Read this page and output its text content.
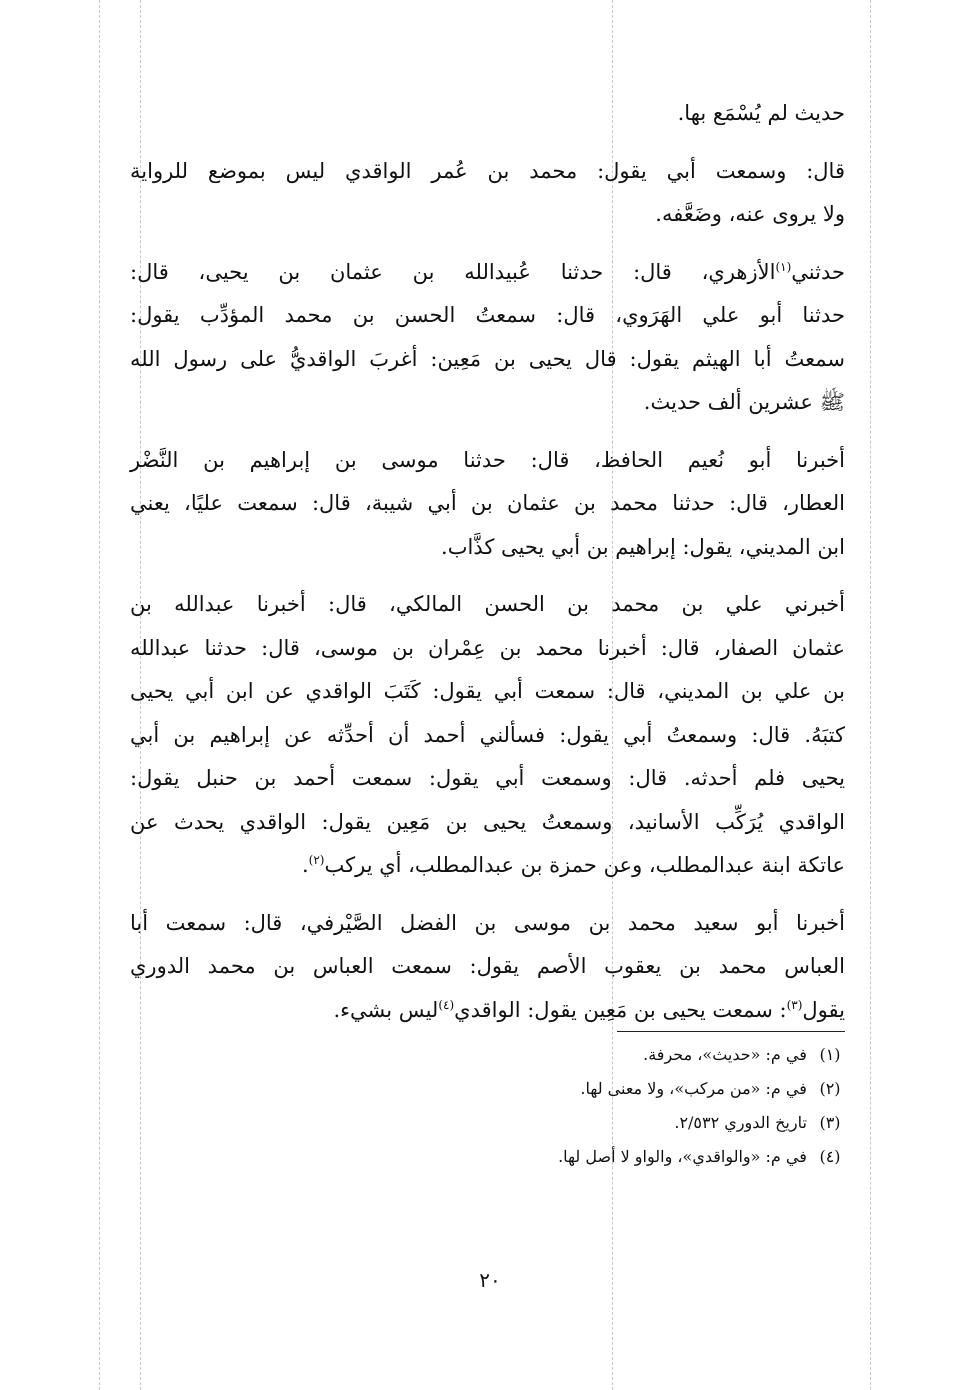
حديث لم يُسْمَع بها.
قال: وسمعت أبي يقول: محمد بن عُمر الواقدي ليس بموضع للرواية
ولا يروى عنه، وضَعَّفه.
حدثني$^{(١)}$الأزهري، قال: حدثنا عُبيدالله بن عثمان بن يحيى، قال:
حدثنا أبو علي الهَرَوي، قال: سمعتُ الحسن بن محمد المؤدِّب يقول:
سمعتُ أبا الهيثم يقول: قال يحيى بن مَعِين: أغربَ الواقديُّ على رسول الله
ﷺ عشرين ألف حديث.
أخبرنا أبو نُعيم الحافظ، قال: حدثنا موسى بن إبراهيم بن النَّضْر
العطار، قال: حدثنا محمد بن عثمان بن أبي شيبة، قال: سمعت عليًا، يعني
ابن المديني، يقول: إبراهيم بن أبي يحيى كذَّاب.
أخبرني علي بن محمد بن الحسن المالكي، قال: أخبرنا عبدالله بن
عثمان الصفار، قال: أخبرنا محمد بن عِمْران بن موسى، قال: حدثنا عبدالله
بن علي بن المديني، قال: سمعت أبي يقول: كَتَبَ الواقدي عن ابن أبي يحيى
كتبَهُ. قال: وسمعتُ أبي يقول: فسألني أحمد أن أحدِّثه عن إبراهيم بن أبي
يحيى فلم أحدثه. قال: وسمعت أبي يقول: سمعت أحمد بن حنبل يقول:
الواقدي يُرَكِّب الأسانيد، وسمعتُ يحيى بن مَعِين يقول: الواقدي يحدث عن
عاتكة ابنة عبدالمطلب، وعن حمزة بن عبدالمطلب، أي يركب$^{(٢)}$.
أخبرنا أبو سعيد محمد بن موسى بن الفضل الصَّيْرفي، قال: سمعت أبا
العباس محمد بن يعقوب الأصم يقول: سمعت العباس بن محمد الدوري
يقول$^{(٣)}$: سمعت يحيى بن مَعِين يقول: الواقدي$^{(٤)}$ليس بشيء.
(١) في م: «حديث»، محرفة.
(٢) في م: «من مركب»، ولا معنى لها.
(٣) تاريخ الدوري ٢/٥٣٢.
(٤) في م: «والواقدي»، والواو لا أصل لها.
٢٠
